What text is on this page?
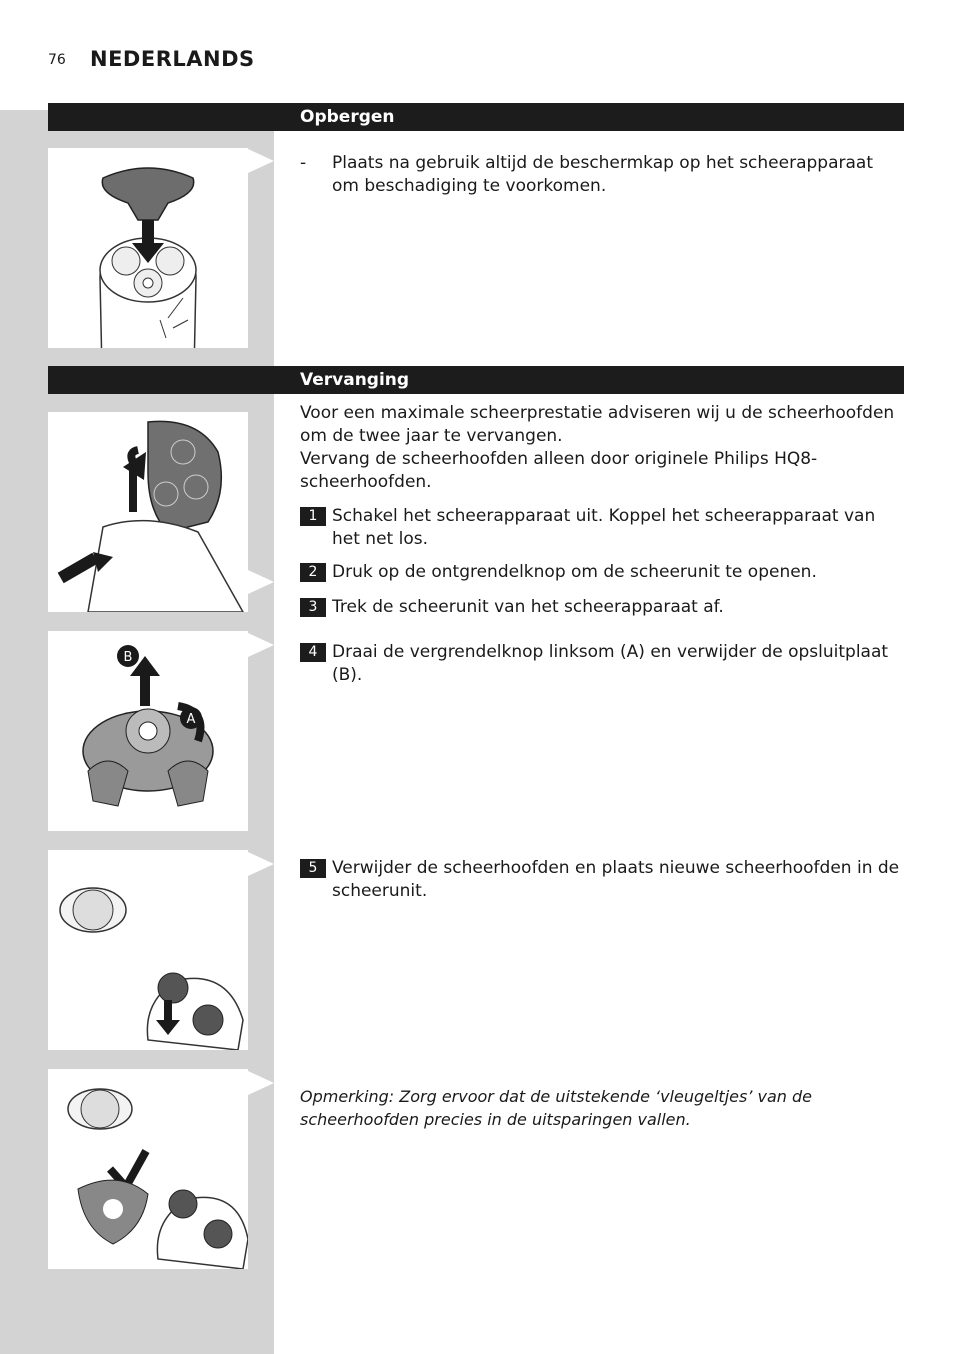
76 NEDERLANDS
Opbergen
-	Plaats na gebruik altijd de beschermkap op het scheerapparaat om beschadiging te voorkomen.
Vervanging
B
A
Voor een maximale scheerprestatie adviseren wij u de scheerhoofden om de twee jaar te vervangen.
Vervang de scheerhoofden alleen door originele Philips HQ8-scheerhoofden.
1 Schakel het scheerapparaat uit. Koppel het scheerapparaat van het net los.
2 Druk op de ontgrendelknop om de scheerunit te openen.
3 Trek de scheerunit van het scheerapparaat af.
4 Draai de vergrendelknop linksom (A) en verwijder de opsluitplaat (B).
5 Verwijder de scheerhoofden en plaats nieuwe scheerhoofden in de scheerunit.
Opmerking: Zorg ervoor dat de uitstekende ‘vleugeltjes’ van de scheerhoofden precies in de uitsparingen vallen.
